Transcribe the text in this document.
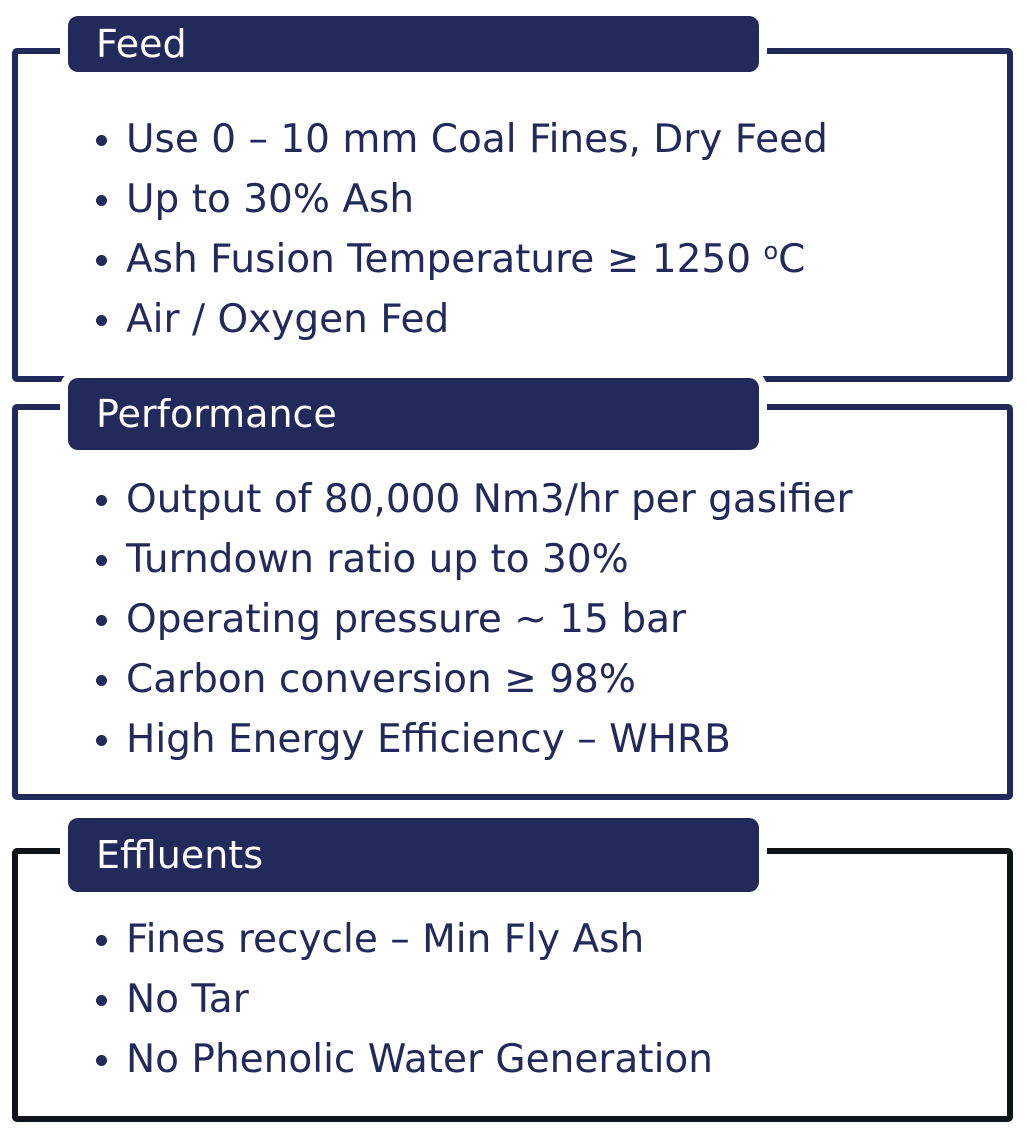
Feed
Use 0 – 10 mm Coal Fines, Dry Feed
Up to 30% Ash
Ash Fusion Temperature ≥ 1250 $^o$C
Air / Oxygen Fed
Performance
Output of 80,000 Nm3/hr per gasifier
Turndown ratio up to 30%
Operating pressure ~ 15 bar
Carbon conversion ≥ 98%
High Energy Efficiency – WHRB
Effluents
Fines recycle – Min Fly Ash
No Tar
No Phenolic Water Generation
